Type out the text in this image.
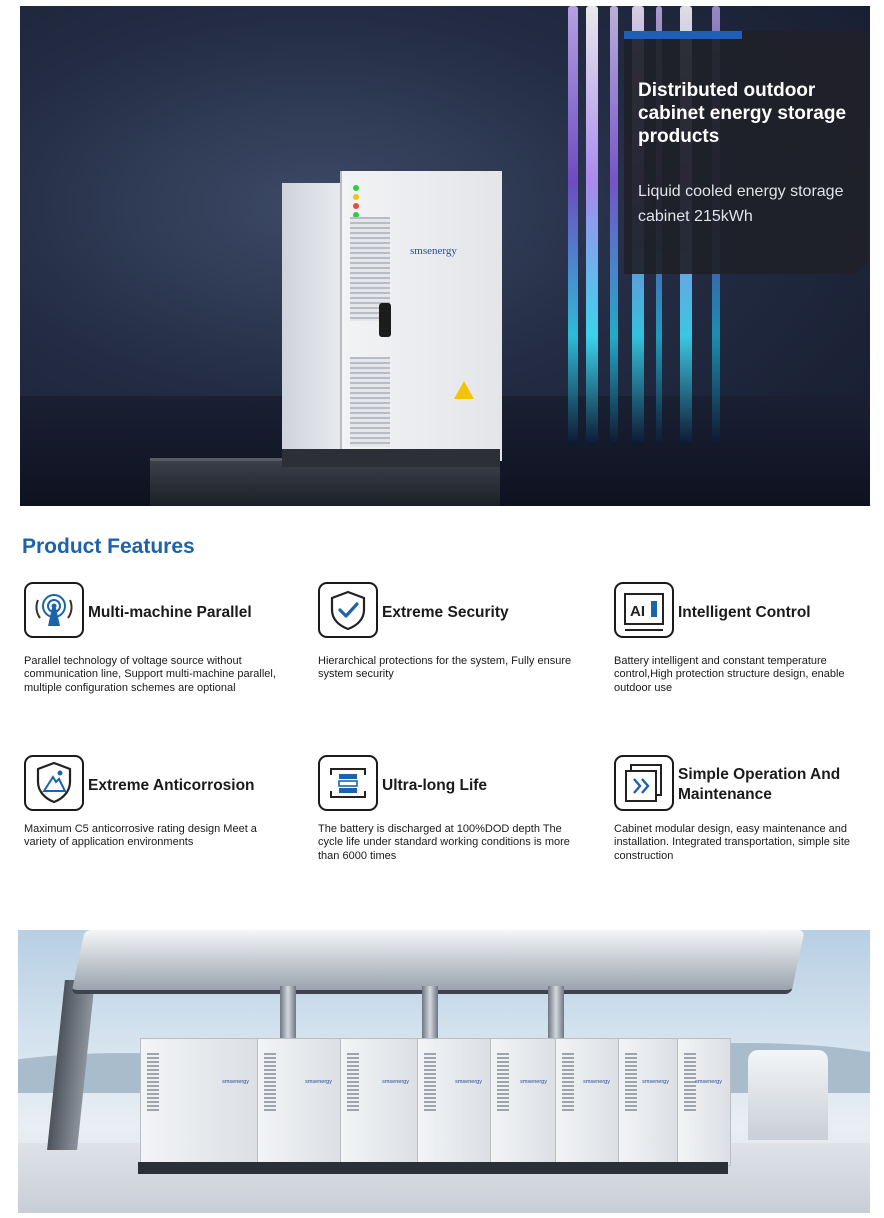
smsenergy

Distributed outdoor cabinet energy storage products

Liquid cooled energy storage cabinet 215kWh

Product Features

Multi-machine Parallel

Parallel technology of voltage source without communication line, Support multi-machine parallel, multiple configuration schemes are optional

Extreme Security

Hierarchical protections for the system, Fully ensure system security

AI Intelligent Control

Battery intelligent and constant temperature control,High protection structure design, enable outdoor use

Extreme Anticorrosion

Maximum C5 anticorrosive rating design Meet a variety of application environments

Ultra-long Life

The battery is discharged at 100%DOD depth The cycle life under standard working conditions is more than 6000 times

Simple Operation And Maintenance

Cabinet modular design, easy maintenance and installation. Integrated transportation, simple site construction

smsenergy	smsenergy	smsenergy	smsenergy	smsenergy	smsenergy	smsenergy	smsenergy
